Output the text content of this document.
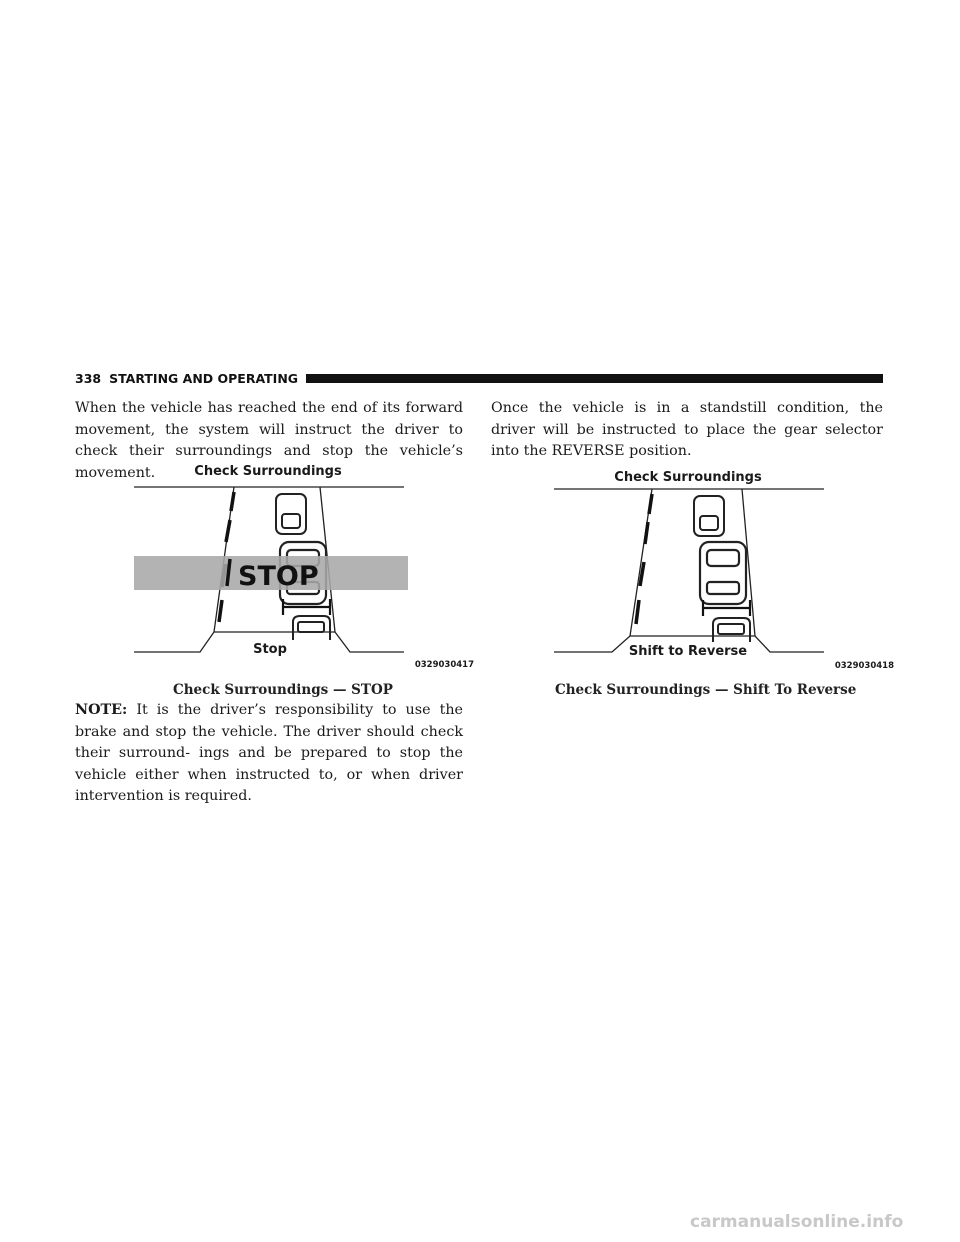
338 STARTING AND OPERATING

When the vehicle has reached the end of its forward movement, the system will instruct the driver to check their surroundings and stop the vehicle’s movement.	Check Surroundings
STOP
Stop
0329030417
Check Surroundings — STOP

NOTE: It is the driver’s responsibility to use the brake and stop the vehicle. The driver should check their surround- ings and be prepared to stop the vehicle either when instructed to, or when driver intervention is required.

Once the vehicle is in a standstill condition, the driver will be instructed to place the gear selector into the REVERSE position.

Check Surroundings
Shift to Reverse
0329030418
Check Surroundings — Shift To Reverse
carmanualsonline.info
